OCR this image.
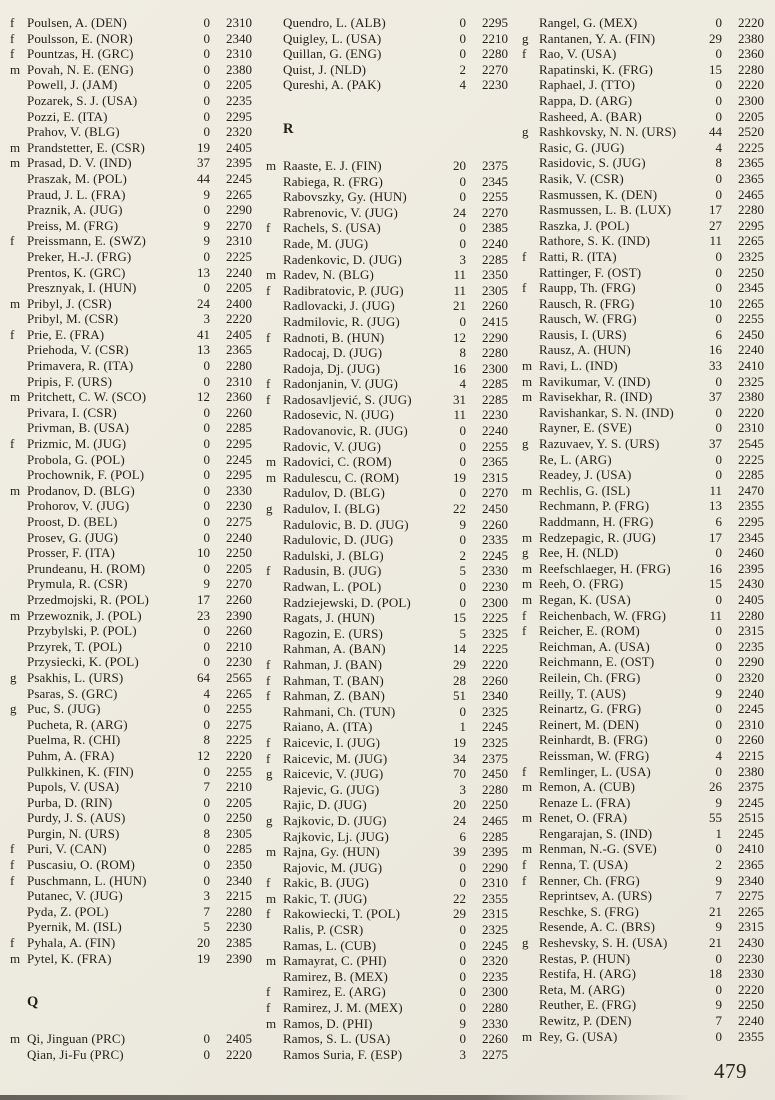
f Poulsen, A. (DEN)	0	2310
f Poulsson, E. (NOR)	0	2340
f Pountzas, H. (GRC)	0	2310
m Povah, N. E. (ENG)	0	2380
Powell, J. (JAM)	0	2205
Pozarek, S. J. (USA)	0	2235
Pozzi, E. (ITA)	0	2295
Prahov, V. (BLG)	0	2320
m Prandstetter, E. (CSR)	19	2405
m Prasad, D. V. (IND)	37	2395
Praszak, M. (POL)	44	2245
Praud, J. L. (FRA)	9	2265
Praznik, A. (JUG)	0	2290
Preiss, M. (FRG)	9	2270
f Preissmann, E. (SWZ)	9	2310
Preker, H.-J. (FRG)	0	2225
Prentos, K. (GRC)	13	2240
Presznyak, I. (HUN)	0	2205
m Pribyl, J. (CSR)	24	2400
Pribyl, M. (CSR)	3	2220
f Prie, E. (FRA)	41	2405
Priehoda, V. (CSR)	13	2365
Primavera, R. (ITA)	0	2280
Pripis, F. (URS)	0	2310
m Pritchett, C. W. (SCO)	12	2360
Privara, I. (CSR)	0	2260
Privman, B. (USA)	0	2285
f Prizmic, M. (JUG)	0	2295
Probola, G. (POL)	0	2245
Prochownik, F. (POL)	0	2295
m Prodanov, D. (BLG)	0	2330
Prohorov, V. (JUG)	0	2230
Proost, D. (BEL)	0	2275
Prosev, G. (JUG)	0	2240
Prosser, F. (ITA)	10	2250
Prundeanu, H. (ROM)	0	2205
Prymula, R. (CSR)	9	2270
Przedmojski, R. (POL)	17	2260
m Przewoznik, J. (POL)	23	2390
Przybylski, P. (POL)	0	2260
Przyrek, T. (POL)	0	2210
Przysiecki, K. (POL)	0	2230
g Psakhis, L. (URS)	64	2565
Psaras, S. (GRC)	4	2265
g Puc, S. (JUG)	0	2255
Pucheta, R. (ARG)	0	2275
Puelma, R. (CHI)	8	2225
Puhm, A. (FRA)	12	2220
Pulkkinen, K. (FIN)	0	2255
Pupols, V. (USA)	7	2210
Purba, D. (RIN)	0	2205
Purdy, J. S. (AUS)	0	2250
Purgin, N. (URS)	8	2305
f Puri, V. (CAN)	0	2285
f Puscasiu, O. (ROM)	0	2350
f Puschmann, L. (HUN)	0	2340
Putanec, V. (JUG)	3	2215
Pyda, Z. (POL)	7	2280
Pyernik, M. (ISL)	5	2230
f Pyhala, A. (FIN)	20	2385
m Pytel, K. (FRA)	19	2390
Q
m Qi, Jinguan (PRC)	0	2405
Qian, Ji-Fu (PRC)	0	2220
Quendro, L. (ALB)	0	2295
Quigley, L. (USA)	0	2210
Quillan, G. (ENG)	0	2280
Quist, J. (NLD)	2	2270
Qureshi, A. (PAK)	4	2230
R
m Raaste, E. J. (FIN)	20	2375
Rabiega, R. (FRG)	0	2345
Rabovszky, Gy. (HUN)	0	2255
Rabrenovic, V. (JUG)	24	2270
f Rachels, S. (USA)	0	2385
Rade, M. (JUG)	0	2240
Radenkovic, D. (JUG)	3	2285
m Radev, N. (BLG)	11	2350
f Radibratovic, P. (JUG)	11	2305
Radlovacki, J. (JUG)	21	2260
Radmilovic, R. (JUG)	0	2415
f Radnoti, B. (HUN)	12	2290
Radocaj, D. (JUG)	8	2280
Radoja, Dj. (JUG)	16	2300
f Radonjanin, V. (JUG)	4	2285
f Radosavljević, S. (JUG)	31	2285
Radosevic, N. (JUG)	11	2230
Radovanovic, R. (JUG)	0	2240
Radovic, V. (JUG)	0	2255
m Radovici, C. (ROM)	0	2365
m Radulescu, C. (ROM)	19	2315
Radulov, D. (BLG)	0	2270
g Radulov, I. (BLG)	22	2450
Radulovic, B. D. (JUG)	9	2260
Radulovic, D. (JUG)	0	2335
Radulski, J. (BLG)	2	2245
f Radusin, B. (JUG)	5	2330
Radwan, L. (POL)	0	2230
Radziejewski, D. (POL)	0	2300
Ragats, J. (HUN)	15	2225
Ragozin, E. (URS)	5	2325
Rahman, A. (BAN)	14	2225
f Rahman, J. (BAN)	29	2220
f Rahman, T. (BAN)	28	2260
f Rahman, Z. (BAN)	51	2340
Rahmani, Ch. (TUN)	0	2325
Raiano, A. (ITA)	1	2245
f Raicevic, I. (JUG)	19	2325
f Raicevic, M. (JUG)	34	2375
g Raicevic, V. (JUG)	70	2450
Rajevic, G. (JUG)	3	2280
Rajic, D. (JUG)	20	2250
g Rajkovic, D. (JUG)	24	2465
Rajkovic, Lj. (JUG)	6	2285
m Rajna, Gy. (HUN)	39	2395
Rajovic, M. (JUG)	0	2290
f Rakic, B. (JUG)	0	2310
m Rakic, T. (JUG)	22	2355
f Rakowiecki, T. (POL)	29	2315
Ralis, P. (CSR)	0	2325
Ramas, L. (CUB)	0	2245
m Ramayrat, C. (PHI)	0	2320
Ramirez, B. (MEX)	0	2235
f Ramirez, E. (ARG)	0	2300
f Ramirez, J. M. (MEX)	0	2280
m Ramos, D. (PHI)	9	2330
Ramos, S. L. (USA)	0	2260
Ramos Suria, F. (ESP)	3	2275
Rangel, G. (MEX)	0	2220
g Rantanen, Y. A. (FIN)	29	2380
f Rao, V. (USA)	0	2360
Rapatinski, K. (FRG)	15	2280
Raphael, J. (TTO)	0	2220
Rappa, D. (ARG)	0	2300
Rasheed, A. (BAR)	0	2205
g Rashkovsky, N. N. (URS)	44	2520
Rasic, G. (JUG)	4	2225
Rasidovic, S. (JUG)	8	2365
Rasik, V. (CSR)	0	2365
Rasmussen, K. (DEN)	0	2465
Rasmussen, L. B. (LUX)	17	2280
Raszka, J. (POL)	27	2295
Rathore, S. K. (IND)	11	2265
f Ratti, R. (ITA)	0	2325
Rattinger, F. (OST)	0	2250
f Raupp, Th. (FRG)	0	2345
Rausch, R. (FRG)	10	2265
Rausch, W. (FRG)	0	2255
Rausis, I. (URS)	6	2450
Rausz, A. (HUN)	16	2240
m Ravi, L. (IND)	33	2410
m Ravikumar, V. (IND)	0	2325
m Ravisekhar, R. (IND)	37	2380
Ravishankar, S. N. (IND)	0	2220
Rayner, E. (SVE)	0	2310
g Razuvaev, Y. S. (URS)	37	2545
Re, L. (ARG)	0	2225
Readey, J. (USA)	0	2285
m Rechlis, G. (ISL)	11	2470
Rechmann, P. (FRG)	13	2355
Raddmann, H. (FRG)	6	2295
m Redzepagic, R. (JUG)	17	2345
g Ree, H. (NLD)	0	2460
m Reefschlaeger, H. (FRG)	16	2395
m Reeh, O. (FRG)	15	2430
m Regan, K. (USA)	0	2405
f Reichenbach, W. (FRG)	11	2280
f Reicher, E. (ROM)	0	2315
Reichman, A. (USA)	0	2235
Reichmann, E. (OST)	0	2290
Reilein, Ch. (FRG)	0	2320
Reilly, T. (AUS)	9	2240
Reinartz, G. (FRG)	0	2245
Reinert, M. (DEN)	0	2310
Reinhardt, B. (FRG)	0	2260
Reissman, W. (FRG)	4	2215
f Remlinger, L. (USA)	0	2380
m Remon, A. (CUB)	26	2375
Renaze L. (FRA)	9	2245
m Renet, O. (FRA)	55	2515
Rengarajan, S. (IND)	1	2245
m Renman, N.-G. (SVE)	0	2410
f Renna, T. (USA)	2	2365
f Renner, Ch. (FRG)	9	2340
Reprintsev, A. (URS)	7	2275
Reschke, S. (FRG)	21	2265
Resende, A. C. (BRS)	9	2315
g Reshevsky, S. H. (USA)	21	2430
Restas, P. (HUN)	0	2230
Restifa, H. (ARG)	18	2330
Reta, M. (ARG)	0	2220
Reuther, E. (FRG)	9	2250
Rewitz, P. (DEN)	7	2240
m Rey, G. (USA)	0	2355
479
